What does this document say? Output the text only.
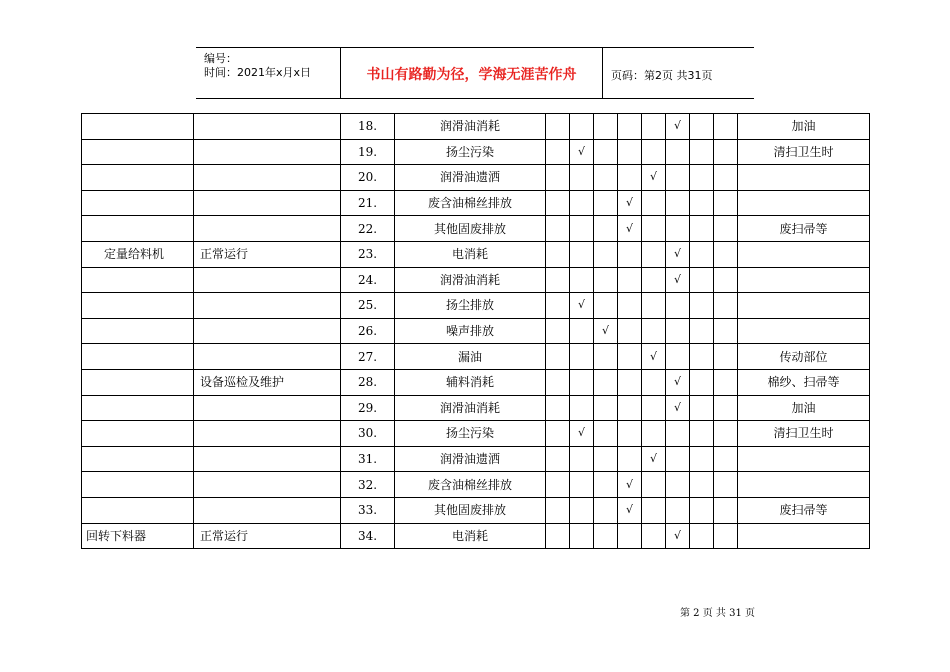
编号：
时间：2021年x月x日	书山有路勤为径，学海无涯苦作舟	页码：第2页 共31页
		18.	润滑油消耗						√			加油
		19.	扬尘污染		√							清扫卫生时
		20.	润滑油遗洒					√				
		21.	废含油棉丝排放				√					
		22.	其他固废排放				√					废扫帚等
定量给料机	正常运行	23.	电消耗						√			
		24.	润滑油消耗						√			
		25.	扬尘排放		√							
		26.	噪声排放			√						
		27.	漏油					√				传动部位
	设备巡检及维护	28.	辅料消耗						√			棉纱、扫帚等
		29.	润滑油消耗						√			加油
		30.	扬尘污染		√							清扫卫生时
		31.	润滑油遗洒					√				
		32.	废含油棉丝排放				√					
		33.	其他固废排放				√					废扫帚等
回转下料器	正常运行	34.	电消耗						√			
第 2 页 共 31 页
